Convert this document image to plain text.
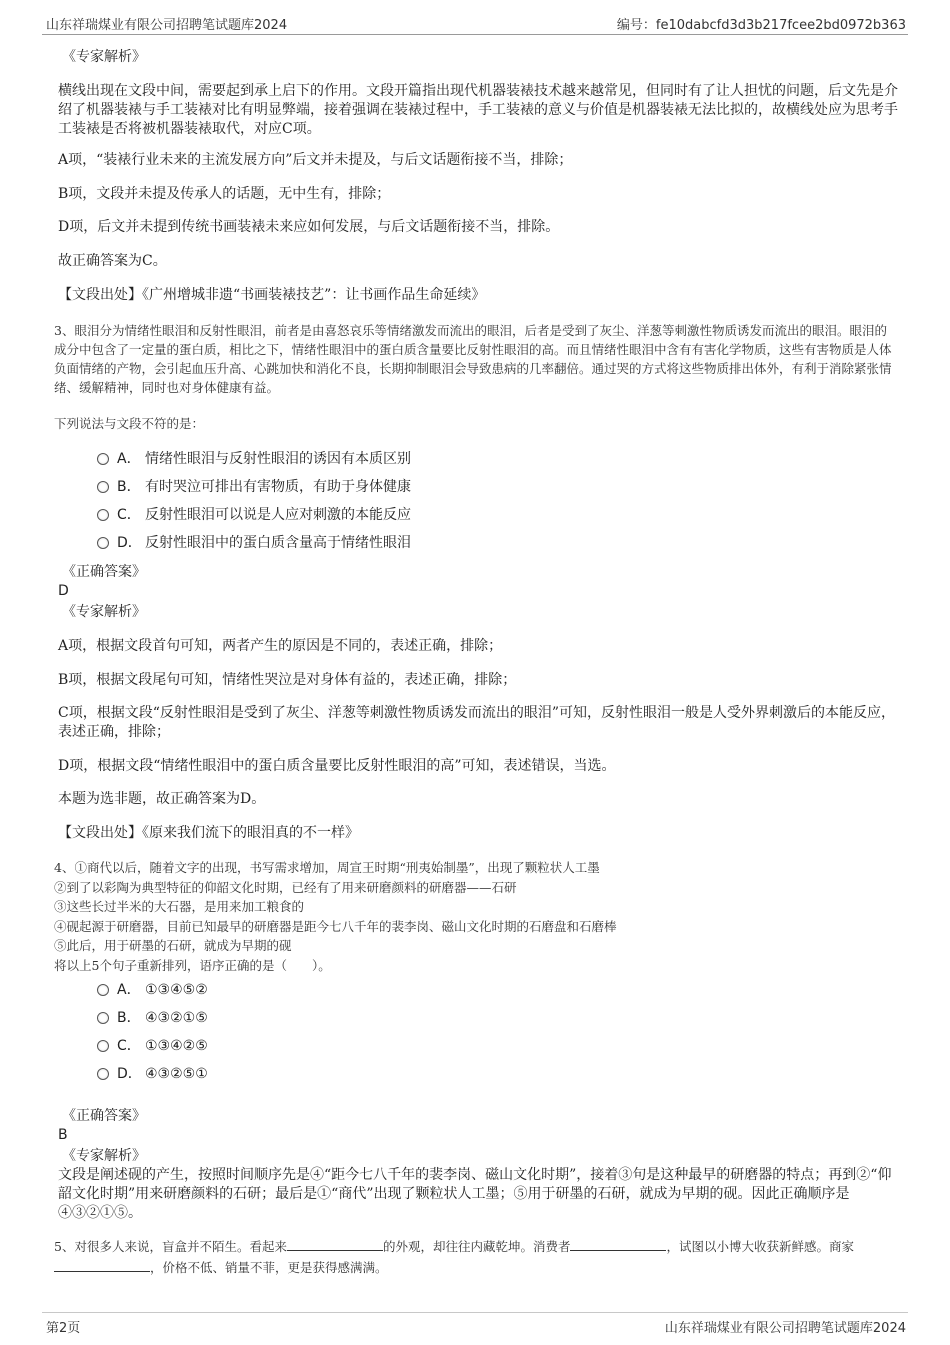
山东祥瑞煤业有限公司招聘笔试题库2024	编号：fe10dabcfd3d3b217fcee2bd0972b363
《专家解析》
横线出现在文段中间，需要起到承上启下的作用。文段开篇指出现代机器装裱技术越来越常见，但同时有了让人担忧的问题，后文先是介绍了机器装裱与手工装裱对比有明显弊端，接着强调在装裱过程中，手工装裱的意义与价值是机器装裱无法比拟的，故横线处应为思考手工装裱是否将被机器装裱取代，对应C项。
A项，“装裱行业未来的主流发展方向”后文并未提及，与后文话题衔接不当，排除；
B项，文段并未提及传承人的话题，无中生有，排除；
D项，后文并未提到传统书画装裱未来应如何发展，与后文话题衔接不当，排除。
故正确答案为C。
【文段出处】《广州增城非遗“书画装裱技艺”：让书画作品生命延续》
3、眼泪分为情绪性眼泪和反射性眼泪，前者是由喜怒哀乐等情绪激发而流出的眼泪，后者是受到了灰尘、洋葱等刺激性物质诱发而流出的眼泪。眼泪的成分中包含了一定量的蛋白质，相比之下，情绪性眼泪中的蛋白质含量要比反射性眼泪的高。而且情绪性眼泪中含有有害化学物质，这些有害物质是人体负面情绪的产物，会引起血压升高、心跳加快和消化不良，长期抑制眼泪会导致患病的几率翻倍。通过哭的方式将这些物质排出体外，有利于消除紧张情绪、缓解精神，同时也对身体健康有益。
下列说法与文段不符的是：
A． 情绪性眼泪与反射性眼泪的诱因有本质区别
B． 有时哭泣可排出有害物质，有助于身体健康
C． 反射性眼泪可以说是人应对刺激的本能反应
D． 反射性眼泪中的蛋白质含量高于情绪性眼泪
《正确答案》
D
《专家解析》
A项，根据文段首句可知，两者产生的原因是不同的，表述正确，排除；
B项，根据文段尾句可知，情绪性哭泣是对身体有益的，表述正确，排除；
C项，根据文段“反射性眼泪是受到了灰尘、洋葱等刺激性物质诱发而流出的眼泪”可知，反射性眼泪一般是人受外界刺激后的本能反应，表述正确，排除；
D项，根据文段“情绪性眼泪中的蛋白质含量要比反射性眼泪的高”可知，表述错误，当选。
本题为选非题，故正确答案为D。
【文段出处】《原来我们流下的眼泪真的不一样》
4、①商代以后，随着文字的出现，书写需求增加，周宣王时期“刑夷始制墨”，出现了颗粒状人工墨
②到了以彩陶为典型特征的仰韶文化时期，已经有了用来研磨颜料的研磨器——石研
③这些长过半米的大石器，是用来加工粮食的
④砚起源于研磨器，目前已知最早的研磨器是距今七八千年的裴李岗、磁山文化时期的石磨盘和石磨棒
⑤此后，用于研墨的石研，就成为早期的砚
将以上5个句子重新排列，语序正确的是（　　）。
A． ①③④⑤②
B． ④③②①⑤
C． ①③④②⑤
D． ④③②⑤①
《正确答案》
B
《专家解析》
文段是阐述砚的产生，按照时间顺序先是④“距今七八千年的裴李岗、磁山文化时期”，接着③句是这种最早的研磨器的特点；再到②“仰韶文化时期”用来研磨颜料的石研；最后是①“商代”出现了颗粒状人工墨；⑤用于研墨的石研，就成为早期的砚。因此正确顺序是④③②①⑤。
5、对很多人来说，盲盒并不陌生。看起来	的外观，却往往内藏乾坤。消费者	，试图以小博大收获新鲜感。商家，价格不低、销量不菲，更是获得感满满。
第2页	山东祥瑞煤业有限公司招聘笔试题库2024
